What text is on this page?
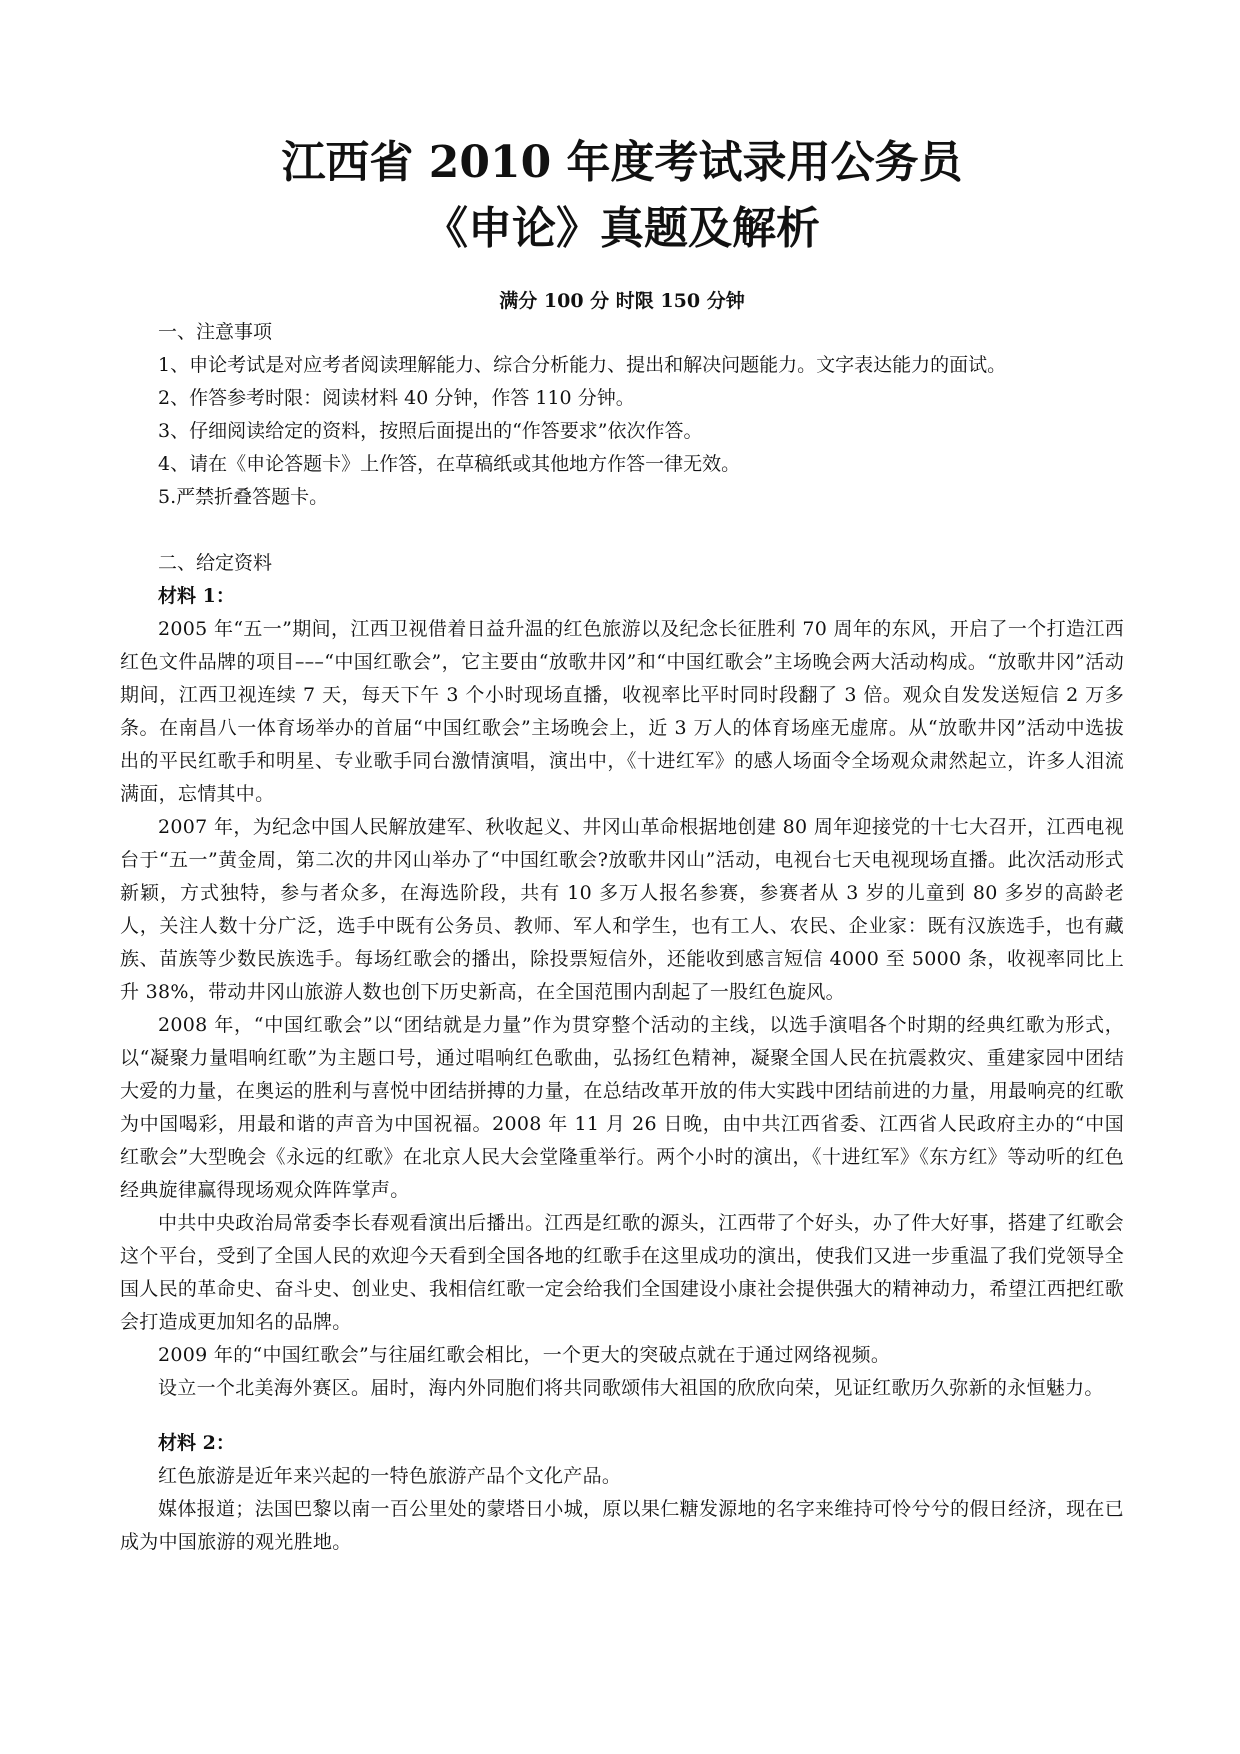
江西省 2010 年度考试录用公务员
《申论》真题及解析
满分 100 分 时限 150 分钟

一、注意事项

1、申论考试是对应考者阅读理解能力、综合分析能力、提出和解决问题能力。文字表达能力的面试。

2、作答参考时限：阅读材料 40 分钟，作答 110 分钟。

3、仔细阅读给定的资料，按照后面提出的“作答要求”依次作答。

4、请在《申论答题卡》上作答，在草稿纸或其他地方作答一律无效。

5.严禁折叠答题卡。

二、给定资料

材料 1：

2005 年“五一”期间，江西卫视借着日益升温的红色旅游以及纪念长征胜利 70 周年的东风，开启了一个打造江西红色文件品牌的项目–––“中国红歌会”，它主要由“放歌井冈”和“中国红歌会”主场晚会两大活动构成。“放歌井冈”活动期间，江西卫视连续 7 天，每天下午 3 个小时现场直播，收视率比平时同时段翻了 3 倍。观众自发发送短信 2 万多条。在南昌八一体育场举办的首届“中国红歌会”主场晚会上，近 3 万人的体育场座无虚席。从“放歌井冈”活动中选拔出的平民红歌手和明星、专业歌手同台激情演唱，演出中，《十进红军》的感人场面令全场观众肃然起立，许多人泪流满面，忘情其中。

2007 年，为纪念中国人民解放建军、秋收起义、井冈山革命根据地创建 80 周年迎接党的十七大召开，江西电视台于“五一”黄金周，第二次的井冈山举办了“中国红歌会?放歌井冈山”活动，电视台七天电视现场直播。此次活动形式新颖，方式独特，参与者众多，在海选阶段，共有 10 多万人报名参赛，参赛者从 3 岁的儿童到 80 多岁的高龄老人，关注人数十分广泛，选手中既有公务员、教师、军人和学生，也有工人、农民、企业家：既有汉族选手，也有藏族、苗族等少数民族选手。每场红歌会的播出，除投票短信外，还能收到感言短信 4000 至 5000 条，收视率同比上升 38%，带动井冈山旅游人数也创下历史新高，在全国范围内刮起了一股红色旋风。

2008 年，“中国红歌会”以“团结就是力量”作为贯穿整个活动的主线，以选手演唱各个时期的经典红歌为形式，以“凝聚力量唱响红歌”为主题口号，通过唱响红色歌曲，弘扬红色精神，凝聚全国人民在抗震救灾、重建家园中团结大爱的力量，在奥运的胜利与喜悦中团结拼搏的力量，在总结改革开放的伟大实践中团结前进的力量，用最响亮的红歌为中国喝彩，用最和谐的声音为中国祝福。2008 年 11 月 26 日晚，由中共江西省委、江西省人民政府主办的“中国红歌会”大型晚会《永远的红歌》在北京人民大会堂隆重举行。两个小时的演出，《十进红军》《东方红》等动听的红色经典旋律赢得现场观众阵阵掌声。

中共中央政治局常委李长春观看演出后播出。江西是红歌的源头，江西带了个好头，办了件大好事，搭建了红歌会这个平台，受到了全国人民的欢迎今天看到全国各地的红歌手在这里成功的演出，使我们又进一步重温了我们党领导全国人民的革命史、奋斗史、创业史、我相信红歌一定会给我们全国建设小康社会提供强大的精神动力，希望江西把红歌会打造成更加知名的品牌。

2009 年的“中国红歌会”与往届红歌会相比，一个更大的突破点就在于通过网络视频。

设立一个北美海外赛区。届时，海内外同胞们将共同歌颂伟大祖国的欣欣向荣，见证红歌历久弥新的永恒魅力。

材料 2：

红色旅游是近年来兴起的一特色旅游产品个文化产品。

媒体报道；法国巴黎以南一百公里处的蒙塔日小城，原以果仁糖发源地的名字来维持可怜兮兮的假日经济，现在已成为中国旅游的观光胜地。
